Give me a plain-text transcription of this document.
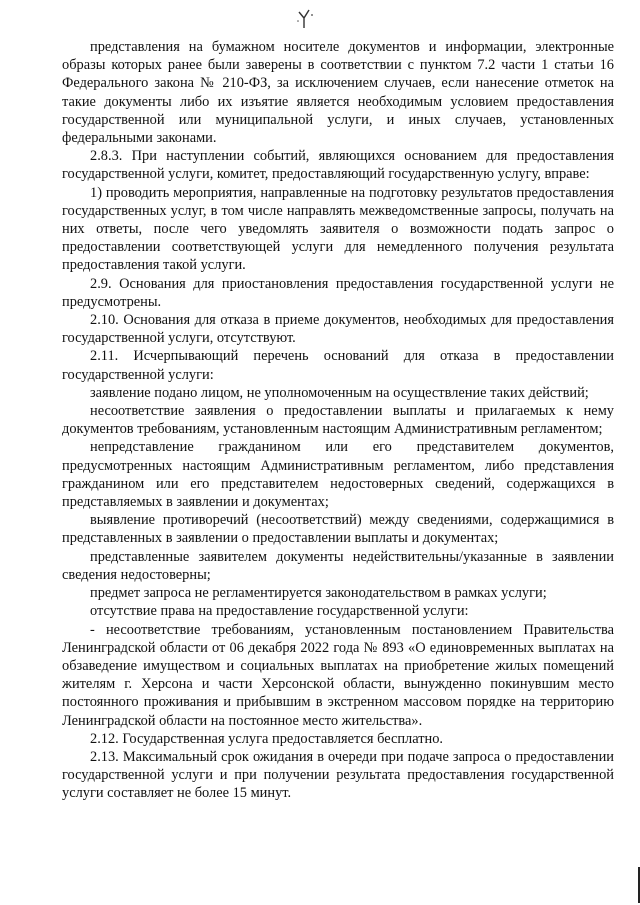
представления на бумажном носителе документов и информации, электронные образы которых ранее были заверены в соответствии с пунктом 7.2 части 1 статьи 16 Федерального закона № 210-ФЗ, за исключением случаев, если нанесение отметок на такие документы либо их изъятие является необходимым условием предоставления государственной или муниципальной услуги, и иных случаев, установленных федеральными законами.

2.8.3. При наступлении событий, являющихся основанием для предоставления государственной услуги, комитет, предоставляющий государственную услугу, вправе:

1) проводить мероприятия, направленные на подготовку результатов предоставления государственных услуг, в том числе направлять межведомственные запросы, получать на них ответы, после чего уведомлять заявителя о возможности подать запрос о предоставлении соответствующей услуги для немедленного получения результата предоставления такой услуги.

2.9. Основания для приостановления предоставления государственной услуги не предусмотрены.

2.10. Основания для отказа в приеме документов, необходимых для предоставления государственной услуги, отсутствуют.

2.11. Исчерпывающий перечень оснований для отказа в предоставлении государственной услуги:

заявление подано лицом, не уполномоченным на осуществление таких действий;

несоответствие заявления о предоставлении выплаты и прилагаемых к нему документов требованиям, установленным настоящим Административным регламентом;

непредставление гражданином или его представителем документов, предусмотренных настоящим Административным регламентом, либо представления гражданином или его представителем недостоверных сведений, содержащихся в представляемых в заявлении и документах;

выявление противоречий (несоответствий) между сведениями, содержащимися в представленных в заявлении о предоставлении выплаты и документах;

представленные заявителем документы недействительны/указанные в заявлении сведения недостоверны;

предмет запроса не регламентируется законодательством в рамках услуги;

отсутствие права на предоставление государственной услуги:

- несоответствие требованиям, установленным постановлением Правительства Ленинградской области от 06 декабря 2022 года № 893 «О единовременных выплатах на обзаведение имуществом и социальных выплатах на приобретение жилых помещений жителям г. Херсона и части Херсонской области, вынужденно покинувшим место постоянного проживания и прибывшим в экстренном массовом порядке на территорию Ленинградской области на постоянное место жительства».

2.12. Государственная услуга предоставляется бесплатно.

2.13. Максимальный срок ожидания в очереди при подаче запроса о предоставлении государственной услуги и при получении результата предоставления государственной услуги составляет не более 15 минут.
